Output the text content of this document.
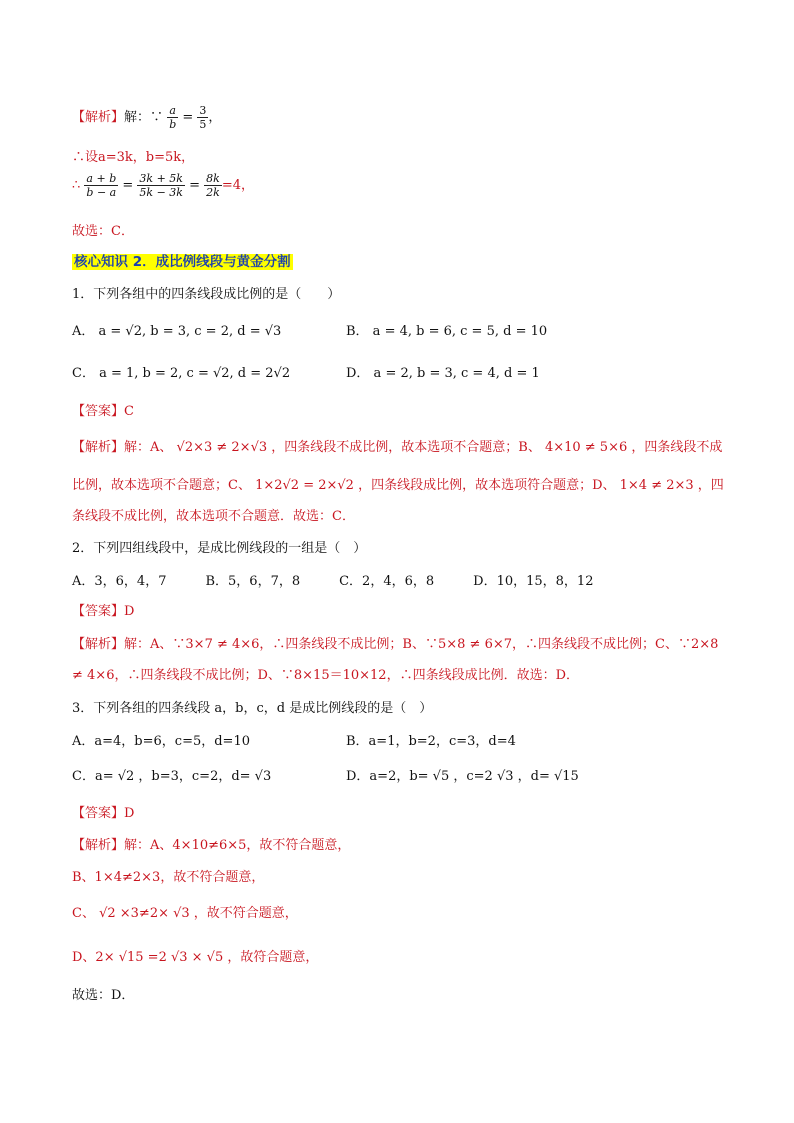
【解析】解：∵ $\frac{a}{b} = \frac{3}{5}$ ，
∴设a=3k，b=5k，
∴ $\frac{a + b}{b - a} = \frac{3k + 5k}{5k - 3k} = \frac{8k}{2k} =4$，
故选：C．
核心知识 2．成比例线段与黄金分割
1．下列各组中的四条线段成比例的是（　　）
A． a = √2, b = 3, c = 2, d = √3	B． a = 4, b = 6, c = 5, d = 10
C． a = 1, b = 2, c = √2, d = 2√2	D． a = 2, b = 3, c = 4, d = 1
【答案】C
【解析】解：A、 √2×3 ≠ 2×√3 ，四条线段不成比例，故本选项不合题意；B、 4×10 ≠ 5×6 ，四条线段不成
比例，故本选项不合题意；C、 1×2√2 = 2×√2 ，四条线段成比例，故本选项符合题意；D、 1×4 ≠ 2×3 ，四
条线段不成比例，故本选项不合题意．故选：C．
2．下列四组线段中，是成比例线段的一组是（　）
A．3，6，4，7　　　B．5，6，7，8　　　C．2，4，6，8　　　D．10，15，8，12
【答案】D
【解析】解：A、∵3×7 ≠ 4×6，∴四条线段不成比例；B、∵5×8 ≠ 6×7，∴四条线段不成比例；C、∵2×8
≠ 4×6，∴四条线段不成比例；D、∵8×15＝10×12，∴四条线段成比例．故选：D．
3．下列各组的四条线段 a，b，c，d 是成比例线段的是（　）
A．a=4，b=6，c=5，d=10	B．a=1，b=2，c=3，d=4
C．a= √2 ，b=3，c=2，d= √3	D．a=2，b= √5 ，c=2 √3 ，d= √15
【答案】D
【解析】解：A、4×10≠6×5，故不符合题意，
B、1×4≠2×3，故不符合题意，
C、 √2 ×3≠2× √3 ，故不符合题意，
D、2× √15 =2 √3 × √5 ，故符合题意，
故选：D．
